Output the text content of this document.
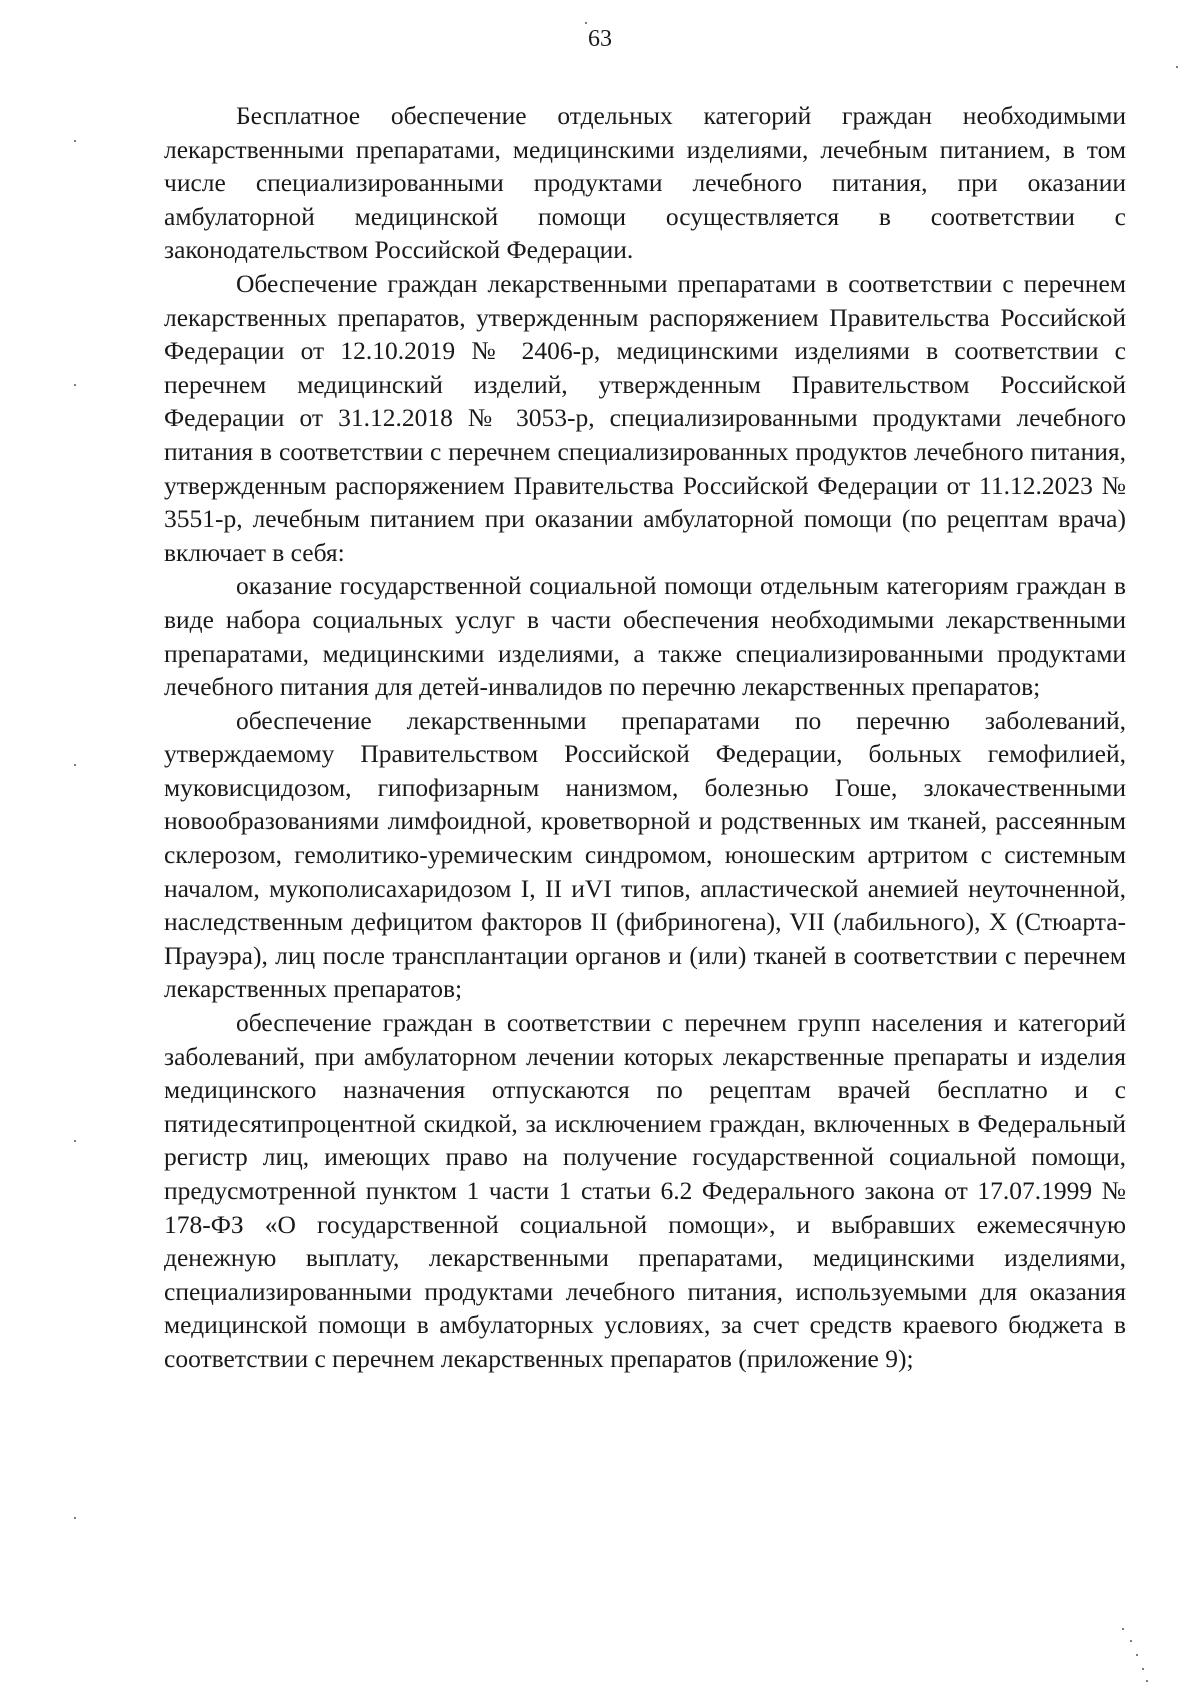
63

Бесплатное обеспечение отдельных категорий граждан необходимыми лекарственными препаратами, медицинскими изделиями, лечебным питанием, в том числе специализированными продуктами лечебного питания, при оказании амбулаторной медицинской помощи осуществляется в соответствии с законодательством Российской Федерации.

Обеспечение граждан лекарственными препаратами в соответствии с перечнем лекарственных препаратов, утвержденным распоряжением Правительства Российской Федерации от 12.10.2019 № 2406-р, медицинскими изделиями в соответствии с перечнем медицинский изделий, утвержденным Правительством Российской Федерации от 31.12.2018 № 3053-р, специализированными продуктами лечебного питания в соответствии с перечнем специализированных продуктов лечебного питания, утвержденным распоряжением Правительства Российской Федерации от 11.12.2023 № 3551-р, лечебным питанием при оказании амбулаторной помощи (по рецептам врача) включает в себя:

оказание государственной социальной помощи отдельным категориям граждан в виде набора социальных услуг в части обеспечения необходимыми лекарственными препаратами, медицинскими изделиями, а также специализированными продуктами лечебного питания для детей-инвалидов по перечню лекарственных препаратов;

обеспечение лекарственными препаратами по перечню заболеваний, утверждаемому Правительством Российской Федерации, больных гемофилией, муковисцидозом, гипофизарным нанизмом, болезнью Гоше, злокачественными новообразованиями лимфоидной, кроветворной и родственных им тканей, рассеянным склерозом, гемолитико-уремическим синдромом, юношеским артритом с системным началом, мукополисахаридозом I, II иVI типов, апластической анемией неуточненной, наследственным дефицитом факторов II (фибриногена), VII (лабильного), X (Стюарта-Прауэра), лиц после трансплантации органов и (или) тканей в соответствии с перечнем лекарственных препаратов;

обеспечение граждан в соответствии с перечнем групп населения и категорий заболеваний, при амбулаторном лечении которых лекарственные препараты и изделия медицинского назначения отпускаются по рецептам врачей бесплатно и с пятидесятипроцентной скидкой, за исключением граждан, включенных в Федеральный регистр лиц, имеющих право на получение государственной социальной помощи, предусмотренной пунктом 1 части 1 статьи 6.2 Федерального закона от 17.07.1999 № 178-ФЗ «О государственной социальной помощи», и выбравших ежемесячную денежную выплату, лекарственными препаратами, медицинскими изделиями, специализированными продуктами лечебного питания, используемыми для оказания медицинской помощи в амбулаторных условиях, за счет средств краевого бюджета в соответствии с перечнем лекарственных препаратов (приложение 9);
